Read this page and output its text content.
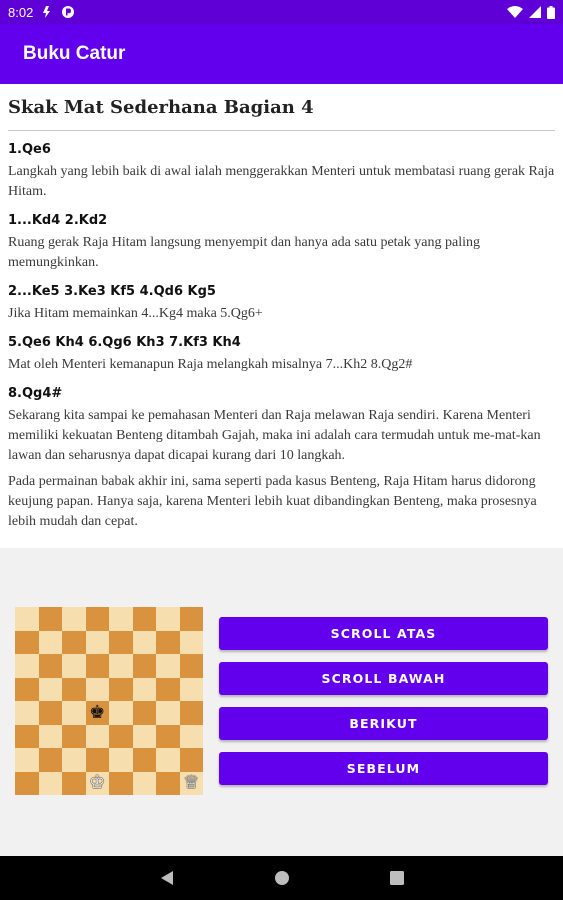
8:02
Buku Catur
Skak Mat Sederhana Bagian 4
1.Qe6
Langkah yang lebih baik di awal ialah menggerakkan Menteri untuk membatasi ruang gerak Raja Hitam.
1...Kd4 2.Kd2
Ruang gerak Raja Hitam langsung menyempit dan hanya ada satu petak yang paling memungkinkan.
2...Ke5 3.Ke3 Kf5 4.Qd6 Kg5
Jika Hitam memainkan 4...Kg4 maka 5.Qg6+
5.Qe6 Kh4 6.Qg6 Kh3 7.Kf3 Kh4
Mat oleh Menteri kemanapun Raja melangkah misalnya 7...Kh2 8.Qg2#
8.Qg4#
Sekarang kita sampai ke pemahasan Menteri dan Raja melawan Raja sendiri. Karena Menteri memiliki kekuatan Benteng ditambah Gajah, maka ini adalah cara termudah untuk me-mat-kan lawan dan seharusnya dapat dicapai kurang dari 10 langkah.
Pada permainan babak akhir ini, sama seperti pada kasus Benteng, Raja Hitam harus didorong keujung papan. Hanya saja, karena Menteri lebih kuat dibandingkan Benteng, maka prosesnya lebih mudah dan cepat.
♚
♔	♕
SCROLL ATAS
SCROLL BAWAH
BERIKUT
SEBELUM
